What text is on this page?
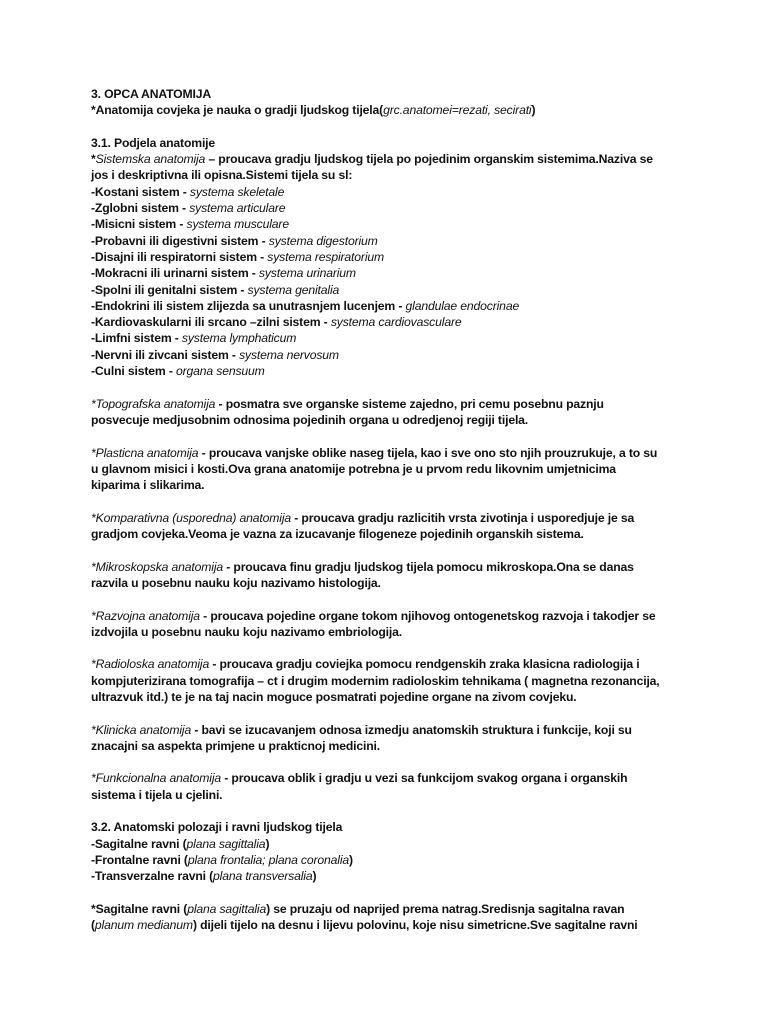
3. OPCA ANATOMIJA

*Anatomija covjeka je nauka o gradji ljudskog tijela(grc.anatomei=rezati, secirati)

3.1. Podjela anatomije

*Sistemska anatomija – proucava gradju ljudskog tijela po pojedinim organskim sistemima.Naziva se
jos i deskriptivna ili opisna.Sistemi tijela su sl:

-Kostani sistem - systema skeletale

-Zglobni sistem - systema articulare

-Misicni sistem - systema musculare

-Probavni ili digestivni sistem - systema digestorium

-Disajni ili respiratorni sistem - systema respiratorium

-Mokracni ili urinarni sistem - systema urinarium

-Spolni ili genitalni sistem - systema genitalia

-Endokrini ili sistem zlijezda sa unutrasnjem lucenjem - glandulae endocrinae

-Kardiovaskularni ili srcano –zilni sistem - systema cardiovasculare

-Limfni sistem - systema lymphaticum

-Nervni ili zivcani sistem - systema nervosum

-Culni sistem - organa sensuum

*Topografska anatomija - posmatra sve organske sisteme zajedno, pri cemu posebnu paznju
posvecuje medjusobnim odnosima pojedinih organa u odredjenoj regiji tijela.

*Plasticna anatomija - proucava vanjske oblike naseg tijela, kao i sve ono sto njih prouzrukuje, a to su
u glavnom misici i kosti.Ova grana anatomije potrebna je u prvom redu likovnim umjetnicima
kiparima i slikarima.

*Komparativna (usporedna) anatomija - proucava gradju razlicitih vrsta zivotinja i usporedjuje je sa
gradjom covjeka.Veoma je vazna za izucavanje filogeneze pojedinih organskih sistema.

*Mikroskopska anatomija - proucava finu gradju ljudskog tijela pomocu mikroskopa.Ona se danas
razvila u posebnu nauku koju nazivamo histologija.

*Razvojna anatomija - proucava pojedine organe tokom njihovog ontogenetskog razvoja i takodjer se
izdvojila u posebnu nauku koju nazivamo embriologija.

*Radioloska anatomija - proucava gradju coviejka pomocu rendgenskih zraka klasicna radiologija i
kompjuterizirana tomografija – ct i drugim modernim radioloskim tehnikama ( magnetna rezonancija,
ultrazvuk itd.) te je na taj nacin moguce posmatrati pojedine organe na zivom covjeku.

*Klinicka anatomija - bavi se izucavanjem odnosa izmedju anatomskih struktura i funkcije, koji su
znacajni sa aspekta primjene u prakticnoj medicini.

*Funkcionalna anatomija - proucava oblik i gradju u vezi sa funkcijom svakog organa i organskih
sistema i tijela u cjelini.

3.2. Anatomski polozaji i ravni ljudskog tijela

-Sagitalne ravni (plana sagittalia)

-Frontalne ravni (plana frontalia; plana coronalia)

-Transverzalne ravni (plana transversalia)

*Sagitalne ravni (plana sagittalia) se pruzaju od naprijed prema natrag.Sredisnja sagitalna ravan
(planum medianum) dijeli tijelo na desnu i lijevu polovinu, koje nisu simetricne.Sve sagitalne ravni
